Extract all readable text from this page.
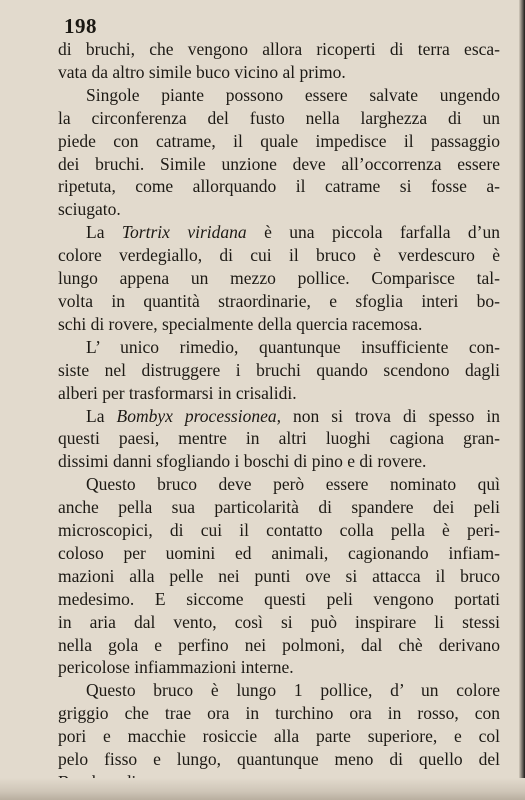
198
di bruchi, che vengono allora ricoperti di terra esca-
vata da altro simile buco vicino al primo.
Singole piante possono essere salvate ungendo
la circonferenza del fusto nella larghezza di un
piede con catrame, il quale impedisce il passaggio
dei bruchi. Simile unzione deve all’occorrenza essere
ripetuta, come allorquando il catrame si fosse a-
sciugato.
La Tortrix viridana è una piccola farfalla d’un
colore verdegiallo, di cui il bruco è verdescuro è
lungo appena un mezzo pollice. Comparisce tal-
volta in quantità straordinarie, e sfoglia interi bo-
schi di rovere, specialmente della quercia racemosa.
L’ unico rimedio, quantunque insufficiente con-
siste nel distruggere i bruchi quando scendono dagli
alberi per trasformarsi in crisalidi.
La Bombyx processionea, non si trova di spesso in
questi paesi, mentre in altri luoghi cagiona gran-
dissimi danni sfogliando i boschi di pino e di rovere.
Questo bruco deve però essere nominato quì
anche pella sua particolarità di spandere dei peli
microscopici, di cui il contatto colla pella è peri-
coloso per uomini ed animali, cagionando infiam-
mazioni alla pelle nei punti ove si attacca il bruco
medesimo. E siccome questi peli vengono portati
in aria dal vento, così si può inspirare li stessi
nella gola e perfino nei polmoni, dal chè derivano
pericolose infiammazioni interne.
Questo bruco è lungo 1 pollice, d’ un colore
griggio che trae ora in turchino ora in rosso, con
pori e macchie rosiccie alla parte superiore, e col
pelo fisso e lungo, quantunque meno di quello del
